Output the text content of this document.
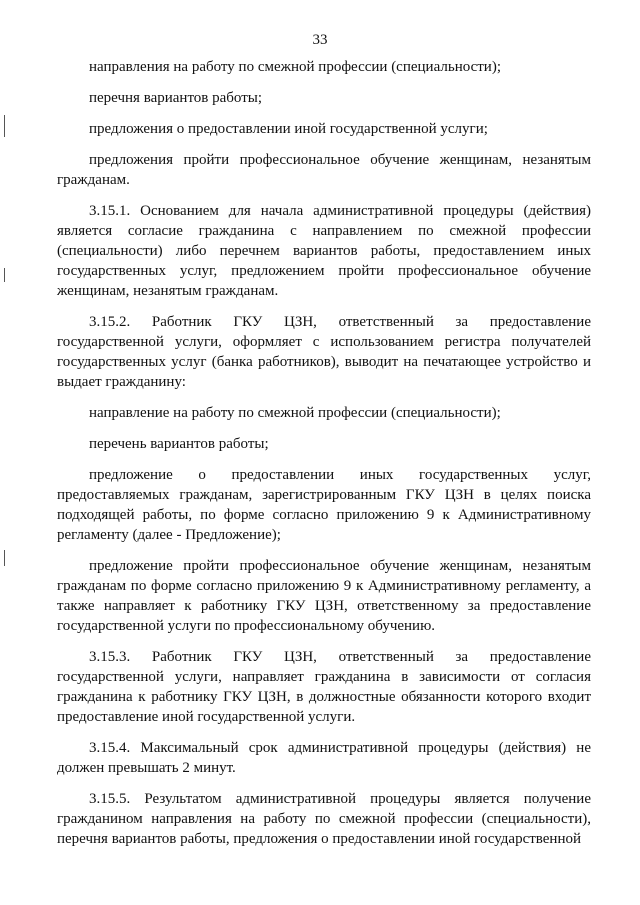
33

направления на работу по смежной профессии (специальности);

перечня вариантов работы;

предложения о предоставлении иной государственной услуги;

предложения пройти профессиональное обучение женщинам, незанятым гражданам.

3.15.1. Основанием для начала административной процедуры (действия) является согласие гражданина с направлением по смежной профессии (специальности) либо перечнем вариантов работы, предоставлением иных государственных услуг, предложением пройти профессиональное обучение женщинам, незанятым гражданам.

3.15.2. Работник ГКУ ЦЗН, ответственный за предоставление государственной услуги, оформляет с использованием регистра получателей государственных услуг (банка работников), выводит на печатающее устройство и выдает гражданину:

направление на работу по смежной профессии (специальности);

перечень вариантов работы;

предложение о предоставлении иных государственных услуг, предоставляемых гражданам, зарегистрированным ГКУ ЦЗН в целях поиска подходящей работы, по форме согласно приложению 9 к Административному регламенту (далее - Предложение);

предложение пройти профессиональное обучение женщинам, незанятым гражданам по форме согласно приложению 9 к Административному регламенту, а также направляет к работнику ГКУ ЦЗН, ответственному за предоставление государственной услуги по профессиональному обучению.

3.15.3. Работник ГКУ ЦЗН, ответственный за предоставление государственной услуги, направляет гражданина в зависимости от согласия гражданина к работнику ГКУ ЦЗН, в должностные обязанности которого входит предоставление иной государственной услуги.

3.15.4. Максимальный срок административной процедуры (действия) не должен превышать 2 минут.

3.15.5. Результатом административной процедуры является получение гражданином направления на работу по смежной профессии (специальности), перечня вариантов работы, предложения о предоставлении иной государственной
